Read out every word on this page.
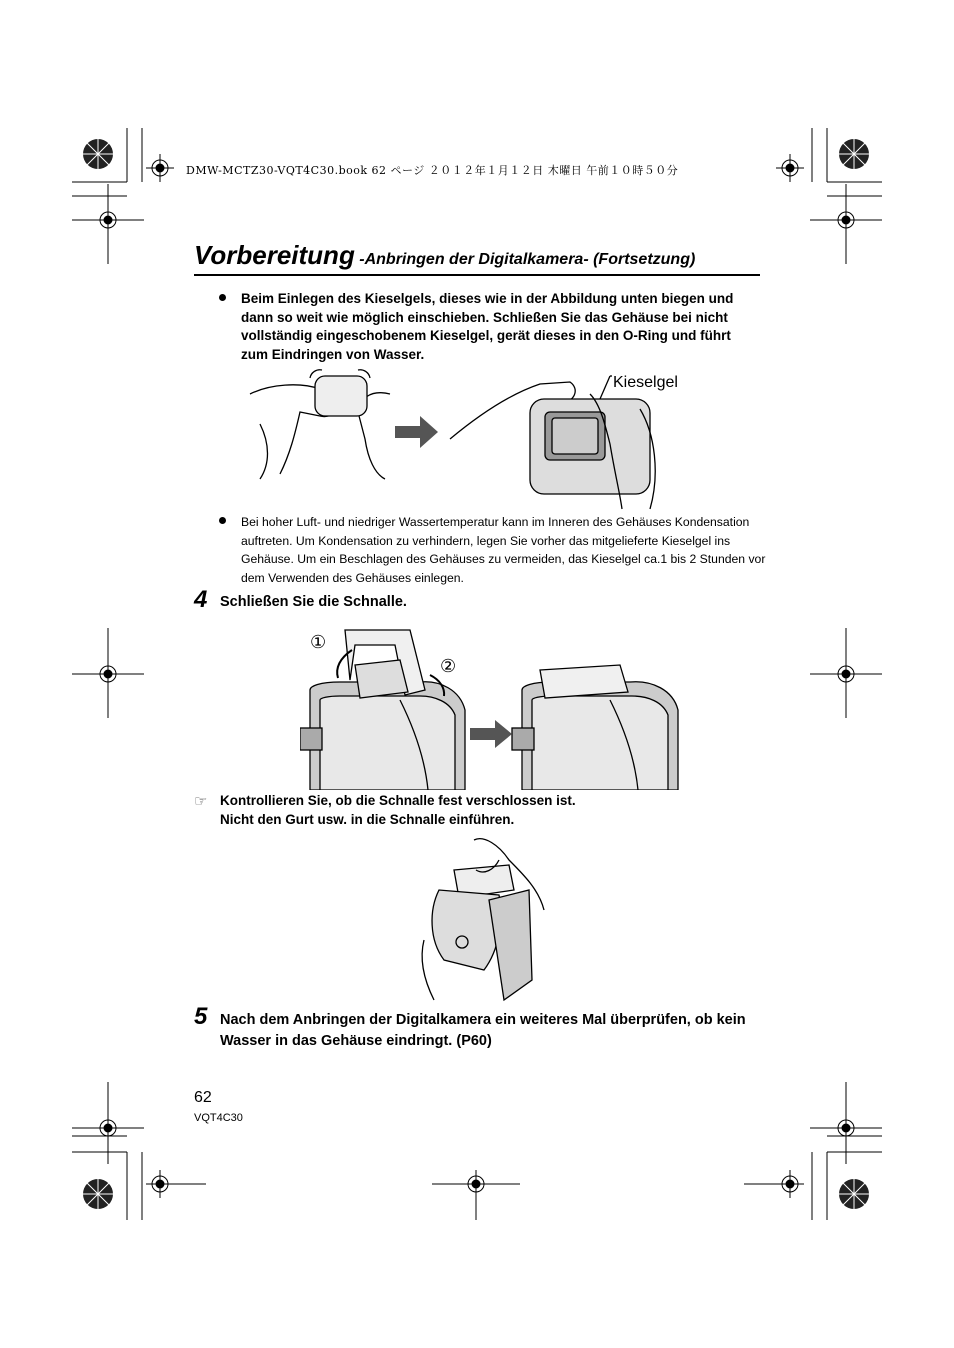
DMW-MCTZ30-VQT4C30.book 62 ページ ２０１２年１月１２日 木曜日 午前１０時５０分
Vorbereitung -Anbringen der Digitalkamera- (Fortsetzung)
Beim Einlegen des Kieselgels, dieses wie in der Abbildung unten biegen und dann so weit wie möglich einschieben. Schließen Sie das Gehäuse bei nicht vollständig eingeschobenem Kieselgel, gerät dieses in den O-Ring und führt zum Eindringen von Wasser.
Kieselgel
Bei hoher Luft- und niedriger Wassertemperatur kann im Inneren des Gehäuses Kondensation auftreten. Um Kondensation zu verhindern, legen Sie vorher das mitgelieferte Kieselgel ins Gehäuse. Um ein Beschlagen des Gehäuses zu vermeiden, das Kieselgel ca.1 bis 2 Stunden vor dem Verwenden des Gehäuses einlegen.
4 Schließen Sie die Schnalle.
①
②
☞ Kontrollieren Sie, ob die Schnalle fest verschlossen ist.
Nicht den Gurt usw. in die Schnalle einführen.
5 Nach dem Anbringen der Digitalkamera ein weiteres Mal überprüfen, ob kein Wasser in das Gehäuse eindringt. (P60)
62
VQT4C30
